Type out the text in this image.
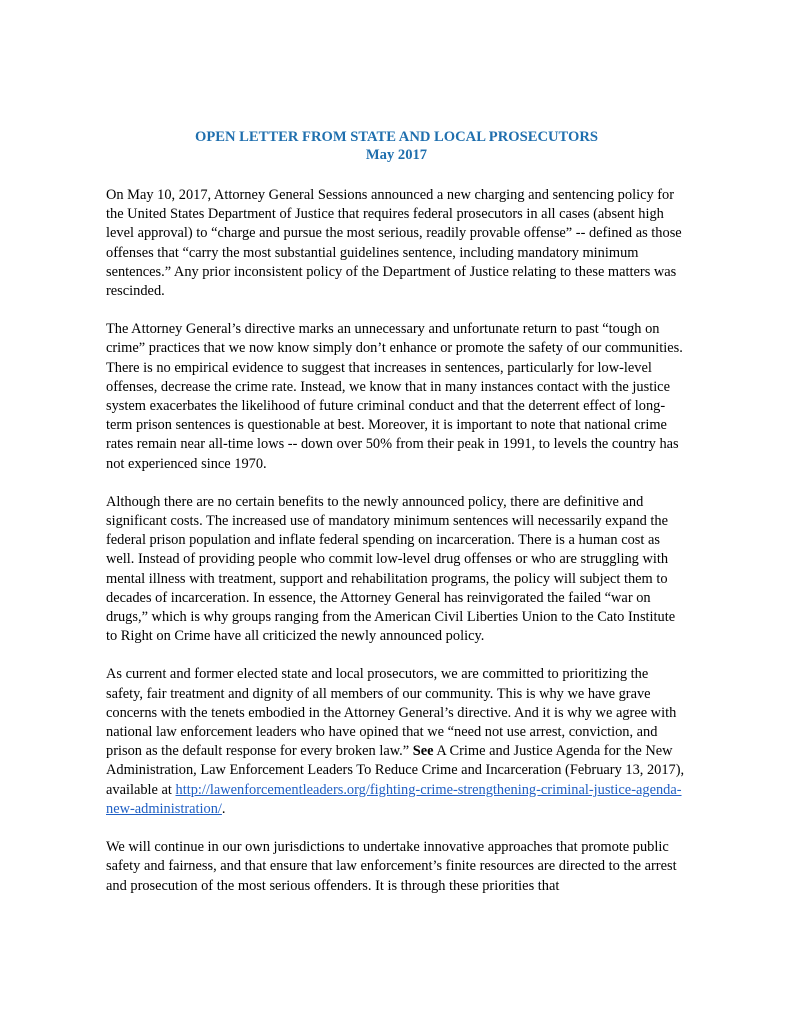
OPEN LETTER FROM STATE AND LOCAL PROSECUTORS
May 2017

On May 10, 2017, Attorney General Sessions announced a new charging and sentencing policy for the United States Department of Justice that requires federal prosecutors in all cases (absent high level approval) to “charge and pursue the most serious, readily provable offense” -- defined as those offenses that “carry the most substantial guidelines sentence, including mandatory minimum sentences.” Any prior inconsistent policy of the Department of Justice relating to these matters was rescinded.

The Attorney General’s directive marks an unnecessary and unfortunate return to past “tough on crime” practices that we now know simply don’t enhance or promote the safety of our communities. There is no empirical evidence to suggest that increases in sentences, particularly for low-level offenses, decrease the crime rate. Instead, we know that in many instances contact with the justice system exacerbates the likelihood of future criminal conduct and that the deterrent effect of long-term prison sentences is questionable at best. Moreover, it is important to note that national crime rates remain near all-time lows -- down over 50% from their peak in 1991, to levels the country has not experienced since 1970.

Although there are no certain benefits to the newly announced policy, there are definitive and significant costs. The increased use of mandatory minimum sentences will necessarily expand the federal prison population and inflate federal spending on incarceration. There is a human cost as well. Instead of providing people who commit low-level drug offenses or who are struggling with mental illness with treatment, support and rehabilitation programs, the policy will subject them to decades of incarceration. In essence, the Attorney General has reinvigorated the failed “war on drugs,” which is why groups ranging from the American Civil Liberties Union to the Cato Institute to Right on Crime have all criticized the newly announced policy.

As current and former elected state and local prosecutors, we are committed to prioritizing the safety, fair treatment and dignity of all members of our community. This is why we have grave concerns with the tenets embodied in the Attorney General’s directive. And it is why we agree with national law enforcement leaders who have opined that we “need not use arrest, conviction, and prison as the default response for every broken law.” See A Crime and Justice Agenda for the New Administration, Law Enforcement Leaders To Reduce Crime and Incarceration (February 13, 2017), available at http://lawenforcementleaders.org/fighting-crime-strengthening-criminal-justice-agenda-new-administration/.

We will continue in our own jurisdictions to undertake innovative approaches that promote public safety and fairness, and that ensure that law enforcement’s finite resources are directed to the arrest and prosecution of the most serious offenders. It is through these priorities that
